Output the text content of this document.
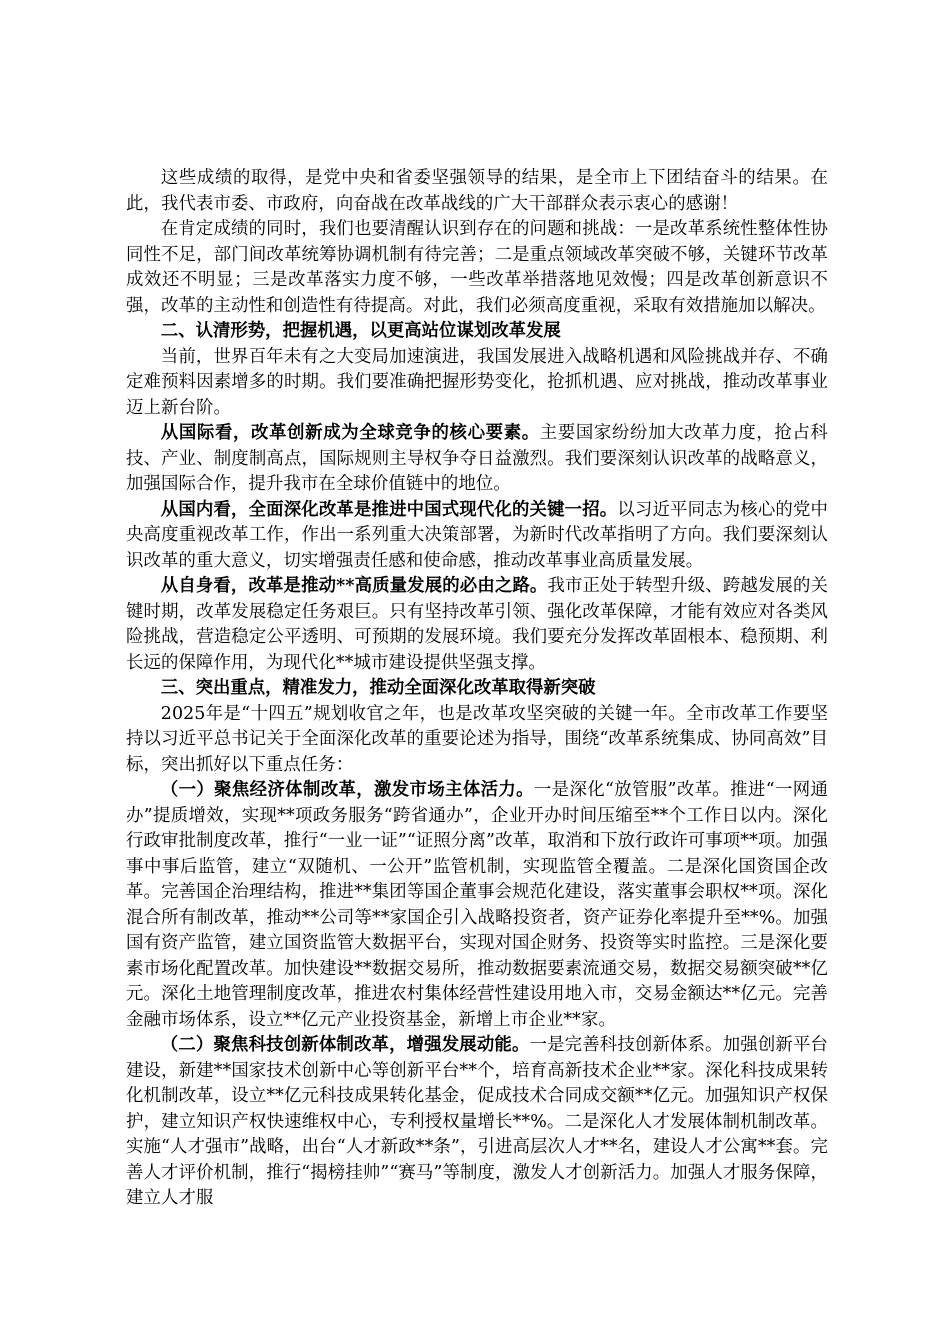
这些成绩的取得，是党中央和省委坚强领导的结果，是全市上下团结奋斗的结果。在此，我代表市委、市政府，向奋战在改革战线的广大干部群众表示衷心的感谢！

在肯定成绩的同时，我们也要清醒认识到存在的问题和挑战：一是改革系统性整体性协同性不足，部门间改革统筹协调机制有待完善；二是重点领域改革突破不够，关键环节改革成效还不明显；三是改革落实力度不够，一些改革举措落地见效慢；四是改革创新意识不强，改革的主动性和创造性有待提高。对此，我们必须高度重视，采取有效措施加以解决。

二、认清形势，把握机遇，以更高站位谋划改革发展

当前，世界百年未有之大变局加速演进，我国发展进入战略机遇和风险挑战并存、不确定难预料因素增多的时期。我们要准确把握形势变化，抢抓机遇、应对挑战，推动改革事业迈上新台阶。

从国际看，改革创新成为全球竞争的核心要素。主要国家纷纷加大改革力度，抢占科技、产业、制度制高点，国际规则主导权争夺日益激烈。我们要深刻认识改革的战略意义，加强国际合作，提升我市在全球价值链中的地位。

从国内看，全面深化改革是推进中国式现代化的关键一招。以习近平同志为核心的党中央高度重视改革工作，作出一系列重大决策部署，为新时代改革指明了方向。我们要深刻认识改革的重大意义，切实增强责任感和使命感，推动改革事业高质量发展。

从自身看，改革是推动**高质量发展的必由之路。我市正处于转型升级、跨越发展的关键时期，改革发展稳定任务艰巨。只有坚持改革引领、强化改革保障，才能有效应对各类风险挑战，营造稳定公平透明、可预期的发展环境。我们要充分发挥改革固根本、稳预期、利长远的保障作用，为现代化**城市建设提供坚强支撑。

三、突出重点，精准发力，推动全面深化改革取得新突破

2025年是“十四五”规划收官之年，也是改革攻坚突破的关键一年。全市改革工作要坚持以习近平总书记关于全面深化改革的重要论述为指导，围绕“改革系统集成、协同高效”目标，突出抓好以下重点任务：

（一）聚焦经济体制改革，激发市场主体活力。一是深化“放管服”改革。推进“一网通办”提质增效，实现**项政务服务“跨省通办”，企业开办时间压缩至**个工作日以内。深化行政审批制度改革，推行“一业一证”“证照分离”改革，取消和下放行政许可事项**项。加强事中事后监管，建立“双随机、一公开”监管机制，实现监管全覆盖。二是深化国资国企改革。完善国企治理结构，推进**集团等国企董事会规范化建设，落实董事会职权**项。深化混合所有制改革，推动**公司等**家国企引入战略投资者，资产证券化率提升至**%。加强国有资产监管，建立国资监管大数据平台，实现对国企财务、投资等实时监控。三是深化要素市场化配置改革。加快建设**数据交易所，推动数据要素流通交易，数据交易额突破**亿元。深化土地管理制度改革，推进农村集体经营性建设用地入市，交易金额达**亿元。完善金融市场体系，设立**亿元产业投资基金，新增上市企业**家。

（二）聚焦科技创新体制改革，增强发展动能。一是完善科技创新体系。加强创新平台建设，新建**国家技术创新中心等创新平台**个，培育高新技术企业**家。深化科技成果转化机制改革，设立**亿元科技成果转化基金，促成技术合同成交额**亿元。加强知识产权保护，建立知识产权快速维权中心，专利授权量增长**%。二是深化人才发展体制机制改革。实施“人才强市”战略，出台“人才新政**条”，引进高层次人才**名，建设人才公寓**套。完善人才评价机制，推行“揭榜挂帅”“赛马”等制度，激发人才创新活力。加强人才服务保障，建立人才服
